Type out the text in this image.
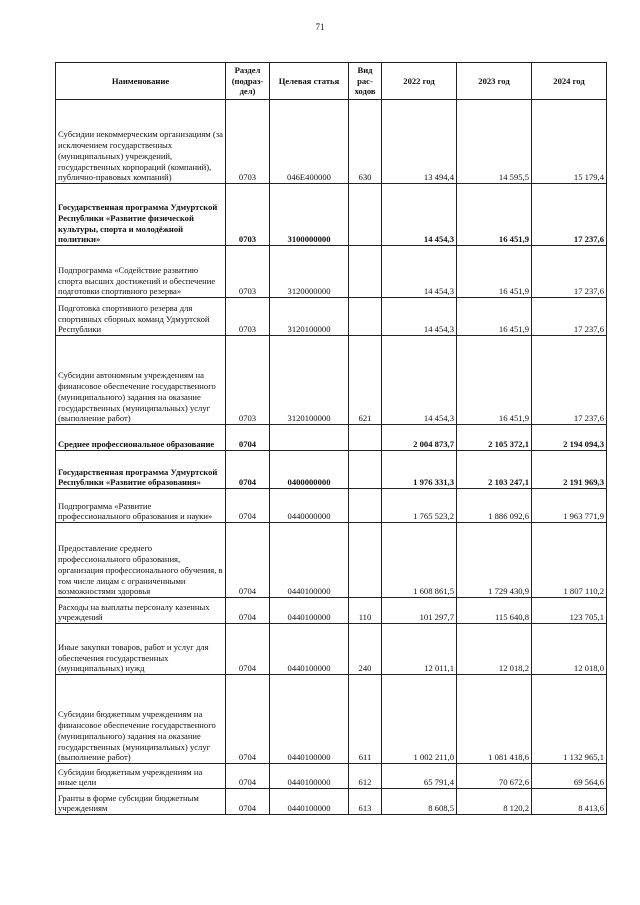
71
Наименование	Раздел (подраз-дел)	Целевая статья	Вид рас-ходов	2022 год	2023 год	2024 год
Субсидии некоммерческим организациям (за исключением государственных (муниципальных) учреждений, государственных корпораций (компаний), публично-правовых компаний)	0703	046Е400000	630	13 494,4	14 595,5	15 179,4
Государственная программа Удмуртской Республики «Развитие физической культуры, спорта и молодёжной политики»	0703	3100000000		14 454,3	16 451,9	17 237,6
Подпрограмма «Содействие развитию спорта высших достижений и обеспечение подготовки спортивного резерва»	0703	3120000000		14 454,3	16 451,9	17 237,6
Подготовка спортивного резерва для спортивных сборных команд Удмуртской Республики	0703	3120100000		14 454,3	16 451,9	17 237,6
Субсидии автономным учреждениям на финансовое обеспечение государственного (муниципального) задания на оказание государственных (муниципальных) услуг (выполнение работ)	0703	3120100000	621	14 454,3	16 451,9	17 237,6
Среднее профессиональное образование	0704			2 004 873,7	2 105 372,1	2 194 094,3
Государственная программа Удмуртской Республики «Развитие образования»	0704	0400000000		1 976 331,3	2 103 247,1	2 191 969,3
Подпрограмма «Развитие профессионального образования и науки»	0704	0440000000		1 765 523,2	1 886 092,6	1 963 771,9
Предоставление среднего профессионального образования, организация профессионального обучения, в том числе лицам с ограниченными возможностями здоровья	0704	0440100000		1 608 861,5	1 729 430,9	1 807 110,2
Расходы на выплаты персоналу казенных учреждений	0704	0440100000	110	101 297,7	115 640,8	123 705,1
Иные закупки товаров, работ и услуг для обеспечения государственных (муниципальных) нужд	0704	0440100000	240	12 011,1	12 018,2	12 018,0
Субсидии бюджетным учреждениям на финансовое обеспечение государственного (муниципального) задания на оказание государственных (муниципальных) услуг (выполнение работ)	0704	0440100000	611	1 002 211,0	1 081 418,6	1 132 965,1
Субсидии бюджетным учреждениям на иные цели	0704	0440100000	612	65 791,4	70 672,6	69 564,6
Гранты в форме субсидии бюджетным учреждениям	0704	0440100000	613	8 608,5	8 120,2	8 413,6
